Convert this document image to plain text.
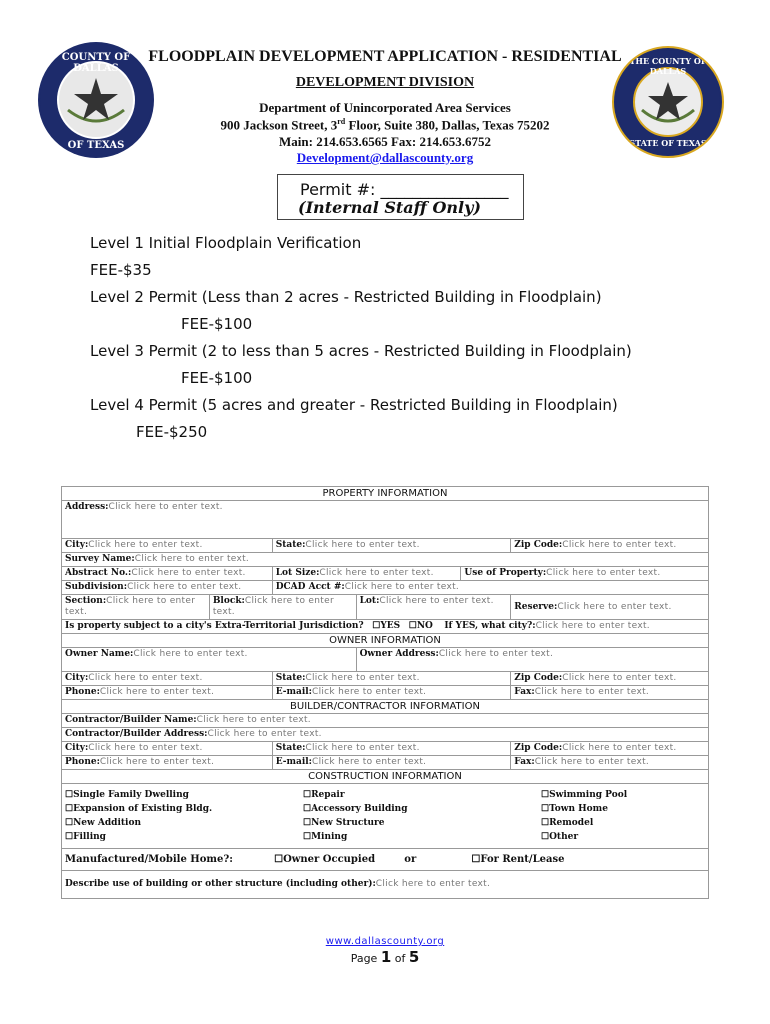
COUNTY OF DALLAS
OF TEXAS
THE COUNTY OF DALLAS
STATE OF TEXAS
FLOODPLAIN DEVELOPMENT APPLICATION - RESIDENTIAL
DEVELOPMENT DIVISION
Department of Unincorporated Area Services
900 Jackson Street, 3rd Floor, Suite 380, Dallas, Texas 75202
Main: 214.653.6565 Fax: 214.653.6752
Development@dallascounty.org
Permit #: ________________
(Internal Staff Only)
Level 1 Initial Floodplain Verification
FEE-$35
Level 2 Permit (Less than 2 acres - Restricted Building in Floodplain)
FEE-$100
Level 3 Permit (2 to less than 5 acres - Restricted Building in Floodplain)
FEE-$100
Level 4 Permit (5 acres and greater - Restricted Building in Floodplain)
FEE-$250
PROPERTY INFORMATION
Address:Click here to enter text.
City:Click here to enter text.	State:Click here to enter text.	Zip Code:Click here to enter text.
Survey Name:Click here to enter text.
Abstract No.:Click here to enter text.	Lot Size:Click here to enter text.	Use of Property:Click here to enter text.
Subdivision:Click here to enter text.	DCAD Acct #:Click here to enter text.
Section:Click here to enter text.	Block:Click here to enter text.	Lot:Click here to enter text.	Reserve:Click here to enter text.
Is property subject to a city's Extra-Territorial Jurisdiction? ☐YES ☐NO If YES, what city?:Click here to enter text.
OWNER INFORMATION
Owner Name:Click here to enter text.	Owner Address:Click here to enter text.
City:Click here to enter text.	State:Click here to enter text.	Zip Code:Click here to enter text.
Phone:Click here to enter text.	E-mail:Click here to enter text.	Fax:Click here to enter text.
BUILDER/CONTRACTOR INFORMATION
Contractor/Builder Name:Click here to enter text.
Contractor/Builder Address:Click here to enter text.
City:Click here to enter text.	State:Click here to enter text.	Zip Code:Click here to enter text.
Phone:Click here to enter text.	E-mail:Click here to enter text.	Fax:Click here to enter text.
CONSTRUCTION INFORMATION

☐Single Family Dwelling	☐Repair	☐Swimming Pool
☐Expansion of Existing Bldg.	☐Accessory Building	☐Town Home
☐New Addition	☐New Structure	☐Remodel
☐Filling	☐Mining	☐Other

Manufactured/Mobile Home?:	☐Owner Occupied	or	☐For Rent/Lease
Describe use of building or other structure (including other):Click here to enter text.
www.dallascounty.org
Page 1 of 5
